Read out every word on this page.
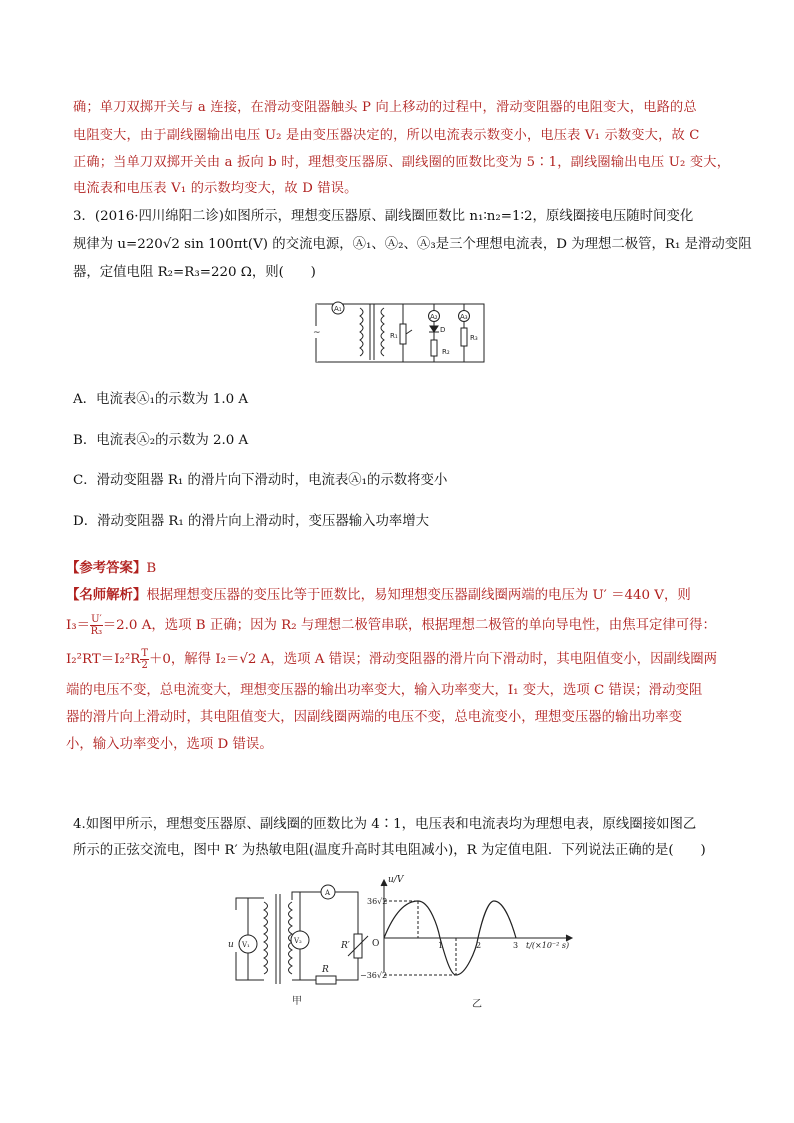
确；单刀双掷开关与 a 连接，在滑动变阻器触头 P 向上移动的过程中，滑动变阻器的电阻变大，电路的总
电阻变大，由于副线圈输出电压 U₂ 是由变压器决定的，所以电流表示数变小，电压表 V₁ 示数变大，故 C
正确；当单刀双掷开关由 a 扳向 b 时，理想变压器原、副线圈的匝数比变为 5∶1，副线圈输出电压 U₂ 变大，
电流表和电压表 V₁ 的示数均变大，故 D 错误。
3．(2016·四川绵阳二诊)如图所示，理想变压器原、副线圈匝数比 n₁∶n₂=1∶2，原线圈接电压随时间变化
规律为 u=220√2 sin 100πt(V) 的交流电源，Ⓐ₁、Ⓐ₂、Ⓐ₃是三个理想电流表，D 为理想二极管，R₁ 是滑动变阻
器，定值电阻 R₂=R₃=220 Ω，则(　　)
A₁
A₂	A₃
D
R₁
R₂
R₃
~
A．电流表Ⓐ₁的示数为 1.0 A
B．电流表Ⓐ₂的示数为 2.0 A
C．滑动变阻器 R₁ 的滑片向下滑动时，电流表Ⓐ₁的示数将变小
D．滑动变阻器 R₁ 的滑片向上滑动时，变压器输入功率增大
【参考答案】B
【名师解析】根据理想变压器的变压比等于匝数比，易知理想变压器副线圈两端的电压为 U′ ＝440 V，则
$I_3= \frac{U'}{\text{R₃}} =2.0$ A，选项 B 正确；因为 R₂ 与理想二极管串联，根据理想二极管的单向导电性，由焦耳定律可得：
$I_2^2RT=I_2^2R \frac{T}{2} +0$，解得 I₂＝√2 A，选项 A 错误；滑动变阻器的滑片向下滑动时，其电阻值变小，因副线圈两
端的电压不变，总电流变大，理想变压器的输出功率变大，输入功率变大，I₁ 变大，选项 C 错误；滑动变阻
器的滑片向上滑动时，其电阻值变大，因副线圈两端的电压不变，总电流变小，理想变压器的输出功率变
小，输入功率变小，选项 D 错误。
4.如图甲所示，理想变压器原、副线圈的匝数比为 4∶1，电压表和电流表均为理想电表，原线圈接如图乙
所示的正弦交流电，图中 R′ 为热敏电阻(温度升高时其电阻减小)，R 为定值电阻．下列说法正确的是(　　)
u V₁	V₂
A
R′
R
甲
u/V
36√2
−36√2
O	1	2	3 t/(×10⁻² s)
乙
